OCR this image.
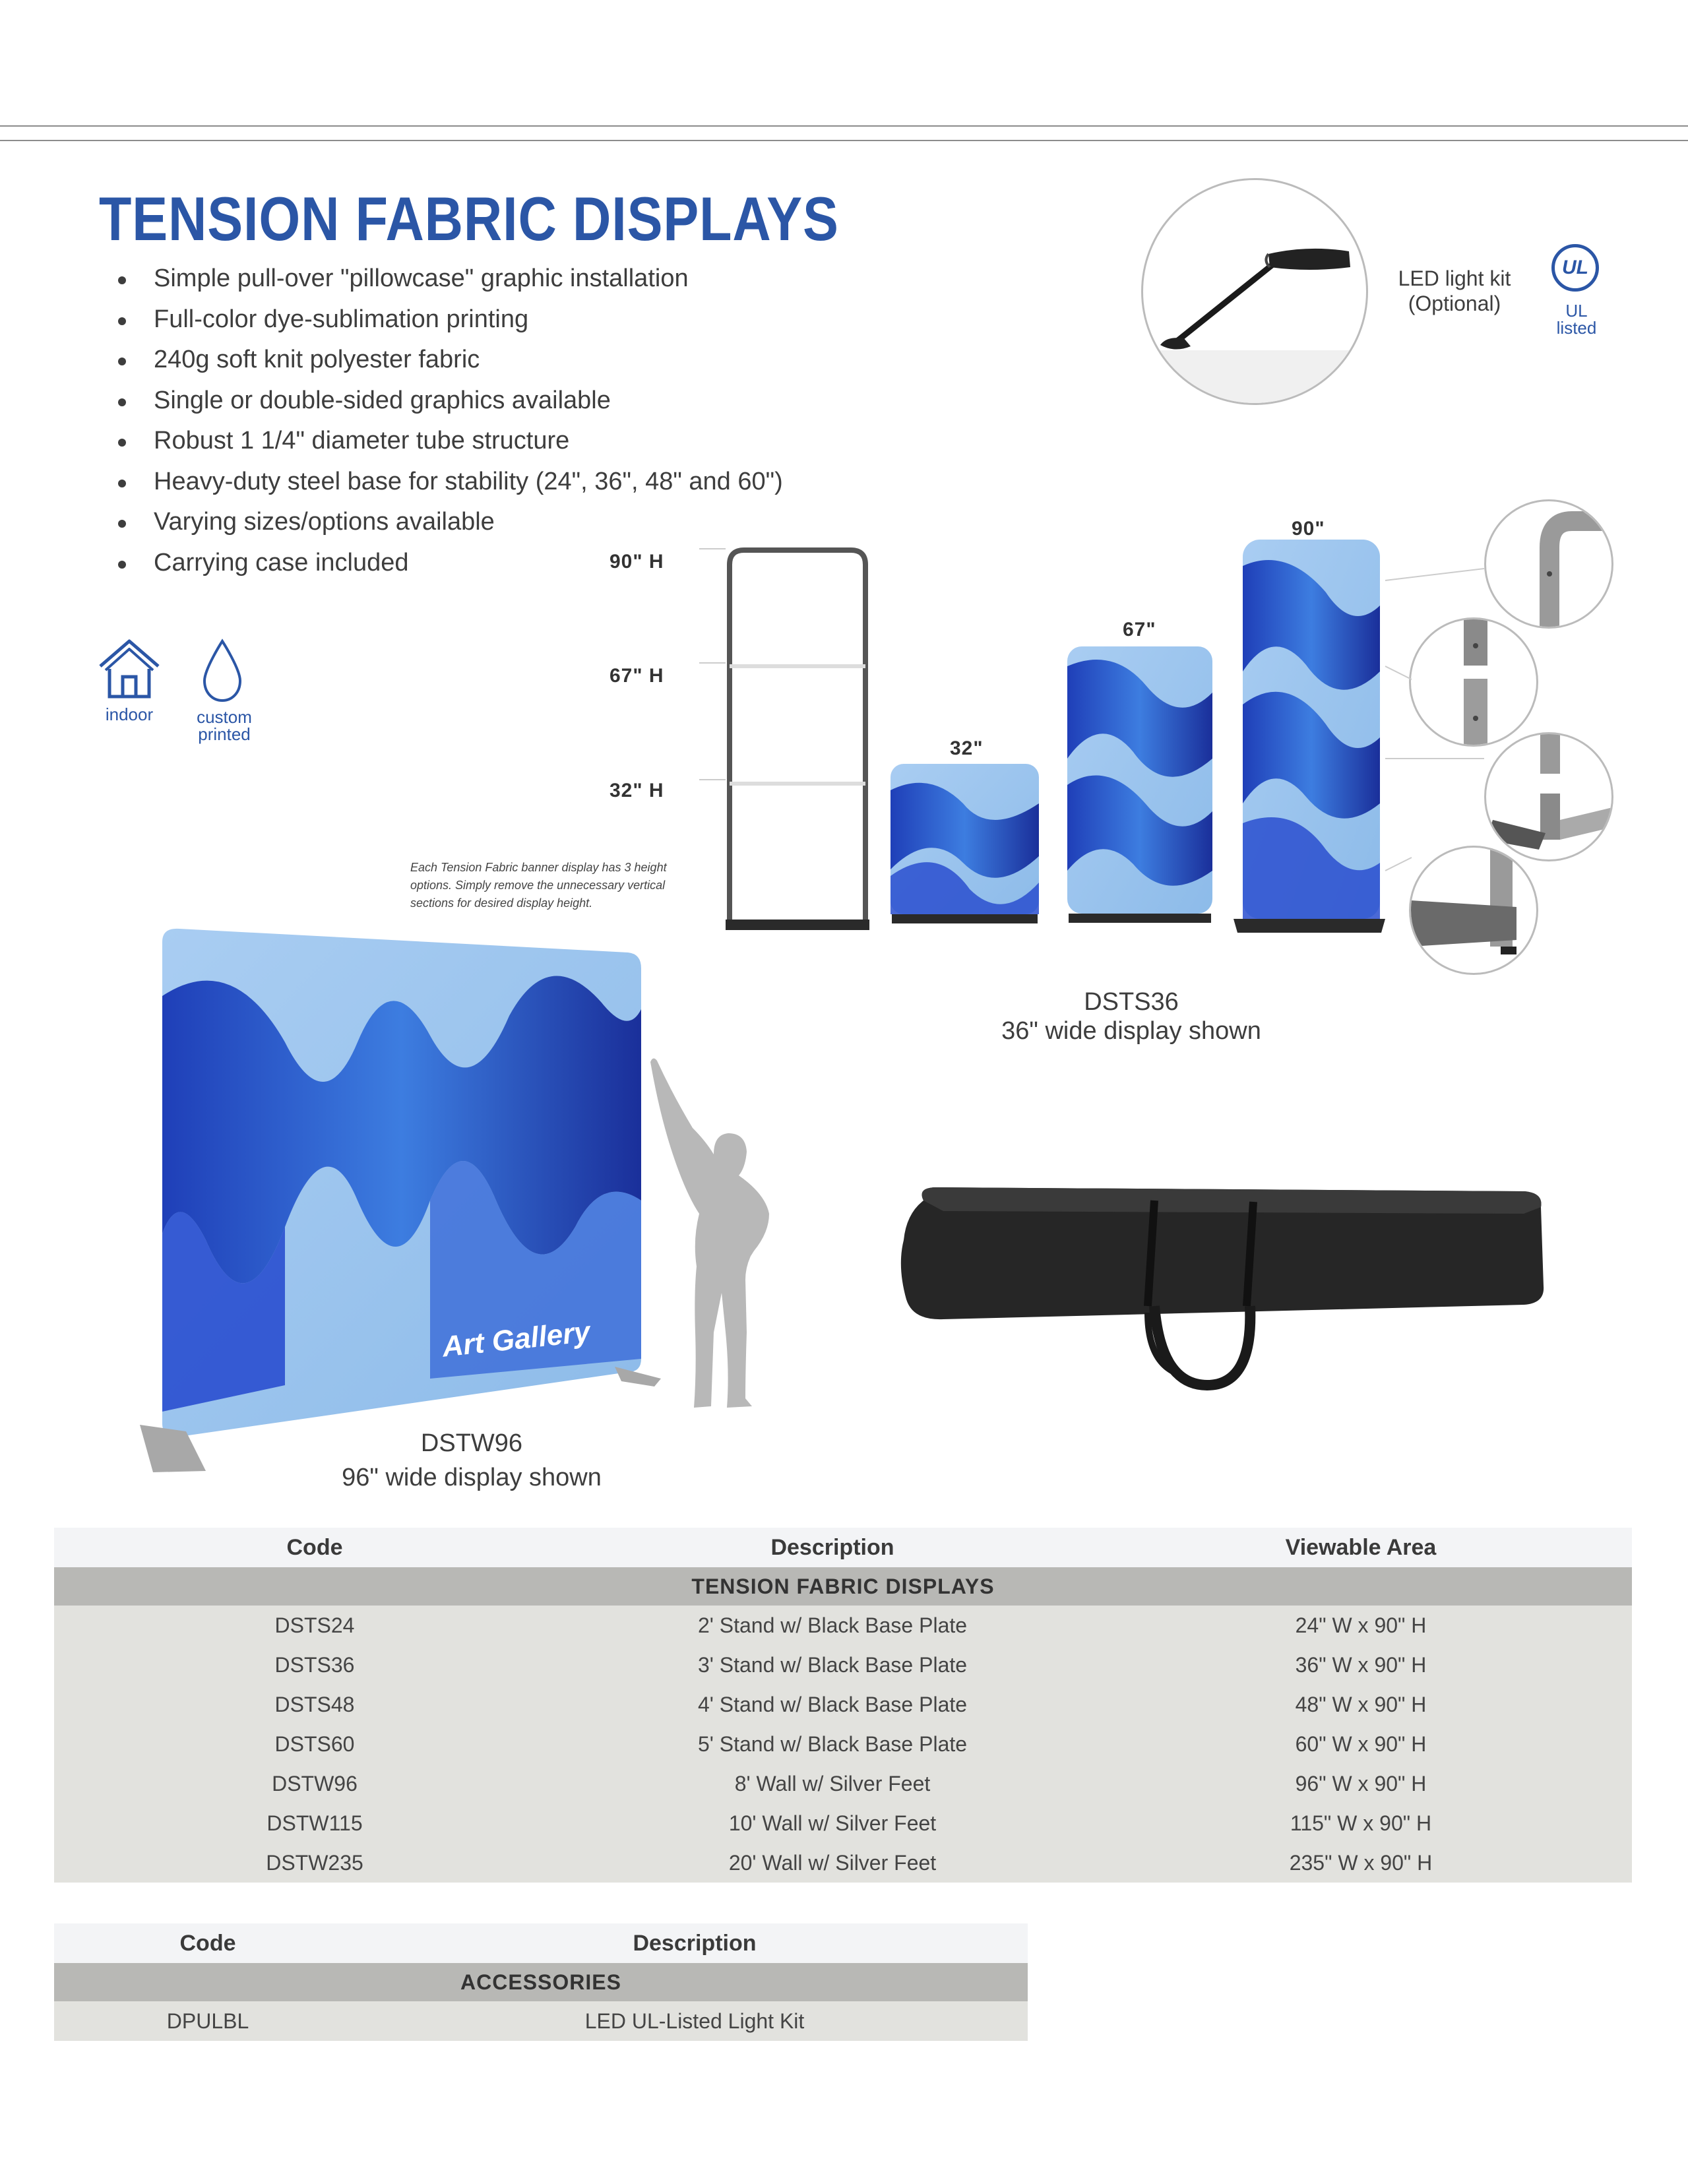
TENSION FABRIC DISPLAYS
Simple pull-over "pillowcase" graphic installation
Full-color dye-sublimation printing
240g soft knit polyester fabric
Single or double-sided graphics available
Robust 1 1/4" diameter tube structure
Heavy-duty steel base for stability (24", 36", 48" and 60")
Varying sizes/options available
Carrying case included
indoor	custom
printed
LED light kit
(Optional)
UL
UL
listed
90" H
67" H
32" H
Each Tension Fabric banner display has 3 height
options. Simply remove the unnecessary vertical
sections for desired display height.
32"
67"
90"
DSTS36
36" wide display shown
Art Gallery
DSTW96
96" wide display shown
Code	Description	Viewable Area
TENSION FABRIC DISPLAYS		
DSTS24	2' Stand w/ Black Base Plate	24" W x 90" H
DSTS36	3' Stand w/ Black Base Plate	36" W x 90" H
DSTS48	4' Stand w/ Black Base Plate	48" W x 90" H
DSTS60	5' Stand w/ Black Base Plate	60" W x 90" H
DSTW96	8' Wall w/ Silver Feet	96" W x 90" H
DSTW115	10' Wall w/ Silver Feet	115" W x 90" H
DSTW235	20' Wall w/ Silver Feet	235" W x 90" H
Code	Description
ACCESSORIES	
DPULBL	LED UL-Listed Light Kit
